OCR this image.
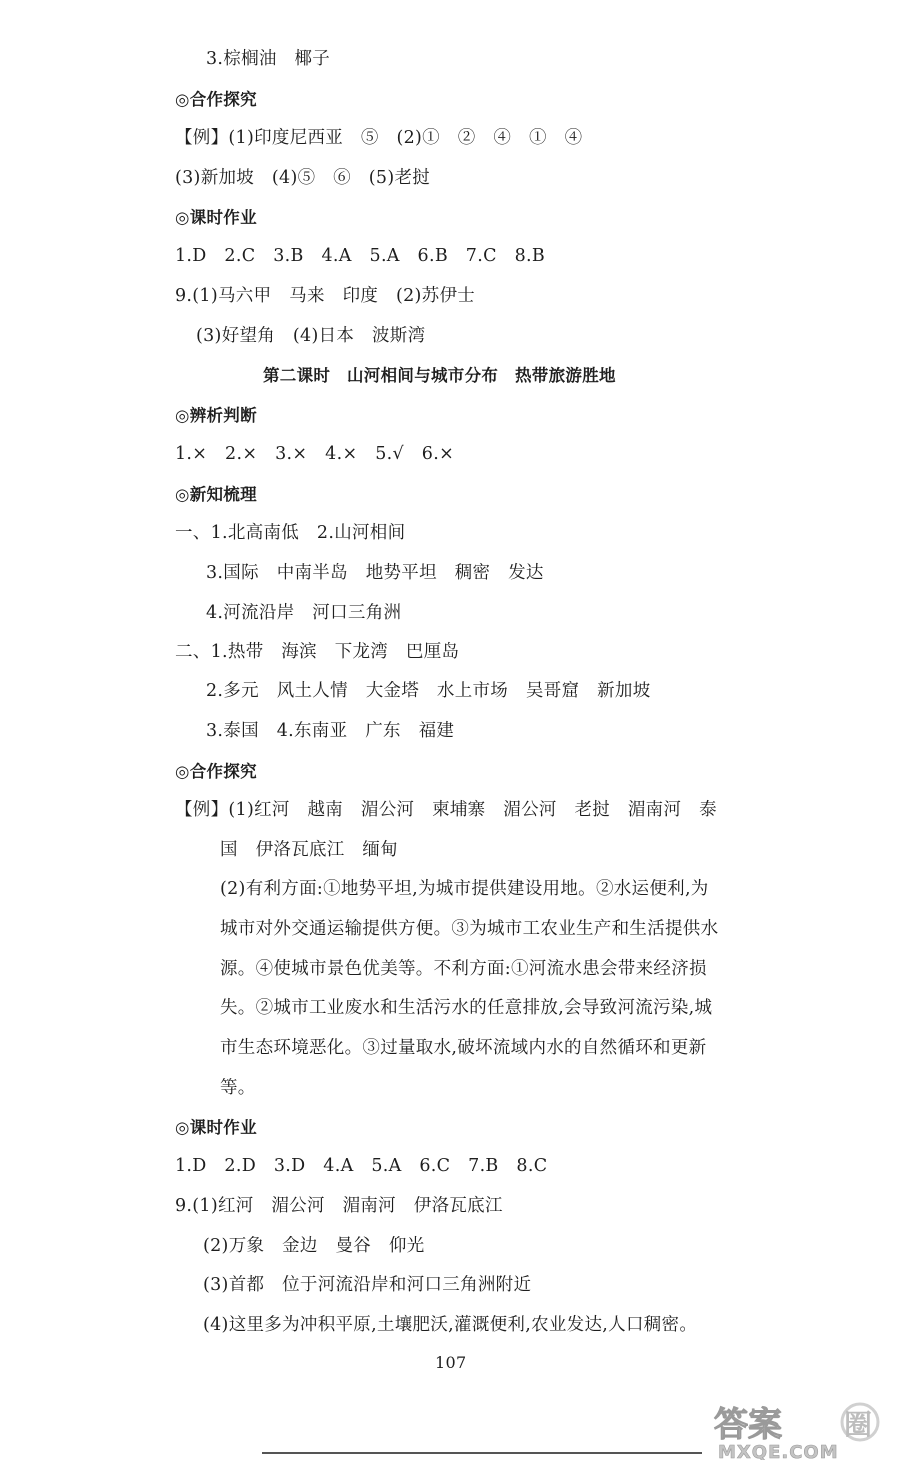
3.棕榈油　椰子
◎合作探究
【例】(1)印度尼西亚　⑤　(2)①　②　④　①　④
(3)新加坡　(4)⑤　⑥　(5)老挝
◎课时作业
1.D　2.C　3.B　4.A　5.A　6.B　7.C　8.B
9.(1)马六甲　马来　印度　(2)苏伊士
(3)好望角　(4)日本　波斯湾
第二课时　山河相间与城市分布　热带旅游胜地
◎辨析判断
1.×　2.×　3.×　4.×　5.√　6.×
◎新知梳理
一、1.北高南低　2.山河相间
3.国际　中南半岛　地势平坦　稠密　发达
4.河流沿岸　河口三角洲
二、1.热带　海滨　下龙湾　巴厘岛
2.多元　风土人情　大金塔　水上市场　吴哥窟　新加坡
3.泰国　4.东南亚　广东　福建
◎合作探究
【例】(1)红河　越南　湄公河　柬埔寨　湄公河　老挝　湄南河　泰
国　伊洛瓦底江　缅甸
(2)有利方面:①地势平坦,为城市提供建设用地。②水运便利,为
城市对外交通运输提供方便。③为城市工农业生产和生活提供水
源。④使城市景色优美等。不利方面:①河流水患会带来经济损
失。②城市工业废水和生活污水的任意排放,会导致河流污染,城
市生态环境恶化。③过量取水,破坏流域内水的自然循环和更新
等。
◎课时作业
1.D　2.D　3.D　4.A　5.A　6.C　7.B　8.C
9.(1)红河　湄公河　湄南河　伊洛瓦底江
(2)万象　金边　曼谷　仰光
(3)首都　位于河流沿岸和河口三角洲附近
(4)这里多为冲积平原,土壤肥沃,灌溉便利,农业发达,人口稠密。
107
答案 圈
MXQE.COM
